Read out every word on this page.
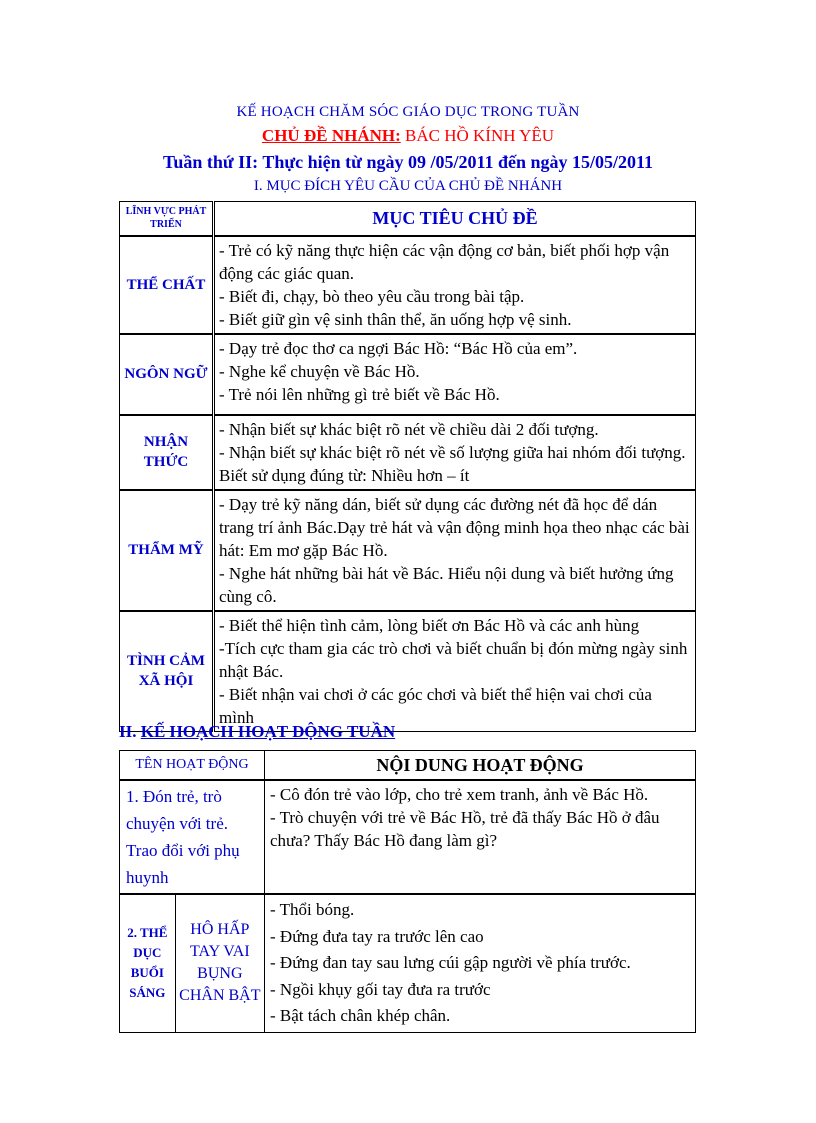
KẾ HOẠCH CHĂM SÓC GIÁO DỤC TRONG TUẦN
CHỦ ĐỀ NHÁNH: BÁC HỒ KÍNH YÊU
Tuần thứ II: Thực hiện từ ngày 09 /05/2011 đến ngày 15/05/2011
I. MỤC ĐÍCH YÊU CẦU CỦA CHỦ ĐỀ NHÁNH
LĨNH VỰC PHÁT TRIỂN	MỤC TIÊU CHỦ ĐỀ
THỂ CHẤT	- Trẻ có kỹ năng thực hiện các vận động cơ bản, biết phối hợp vận động các giác quan.
- Biết đi, chạy, bò theo yêu cầu trong bài tập.
- Biết giữ gìn vệ sinh thân thể, ăn uống hợp vệ sinh.

NGÔN NGỮ	- Dạy trẻ đọc thơ ca ngợi Bác Hồ: “Bác Hồ của em”.
- Nghe kể chuyện về Bác Hồ.
- Trẻ nói lên những gì trẻ biết về Bác Hồ.

NHẬN THỨC	- Nhận biết sự khác biệt rõ nét về chiều dài 2 đối tượng.
- Nhận biết sự khác biệt rõ nét về số lượng giữa hai nhóm đối tượng. Biết sử dụng đúng từ: Nhiều hơn – ít

THẨM MỸ	- Dạy trẻ kỹ năng dán, biết sử dụng các đường nét đã học để dán trang trí ảnh Bác.Dạy trẻ hát và vận động minh họa theo nhạc các bài hát: Em mơ gặp Bác Hồ.
- Nghe hát những bài hát về Bác. Hiểu nội dung và biết hưởng ứng cùng cô.

TÌNH CẢM XÃ HỘI	- Biết thể hiện tình cảm, lòng biết ơn Bác Hồ và các anh hùng
-Tích cực tham gia các trò chơi và biết chuẩn bị đón mừng ngày sinh nhật Bác.
- Biết nhận vai chơi ở các góc chơi và biết thể hiện vai chơi của mình
II. KẾ HOẠCH HOẠT ĐỘNG TUẦN
TÊN HOẠT ĐỘNG		NỘI DUNG HOẠT ĐỘNG
1. Đón trẻ, trò chuyện với trẻ. Trao đổi với phụ huynh		- Cô đón trẻ vào lớp, cho trẻ xem tranh, ảnh về Bác Hồ.
- Trò chuyện với trẻ về Bác Hồ, trẻ đã thấy Bác Hồ ở đâu chưa? Thấy Bác Hồ đang làm gì?

2. THỂ DỤC BUỔI SÁNG	HÔ HẤP TAY VAI BỤNG CHÂN BẬT	- Thổi bóng.
- Đứng đưa tay ra trước lên cao
- Đứng đan tay sau lưng cúi gập người về phía trước.
- Ngồi khụy gối tay đưa ra trước
- Bật tách chân khép chân.
